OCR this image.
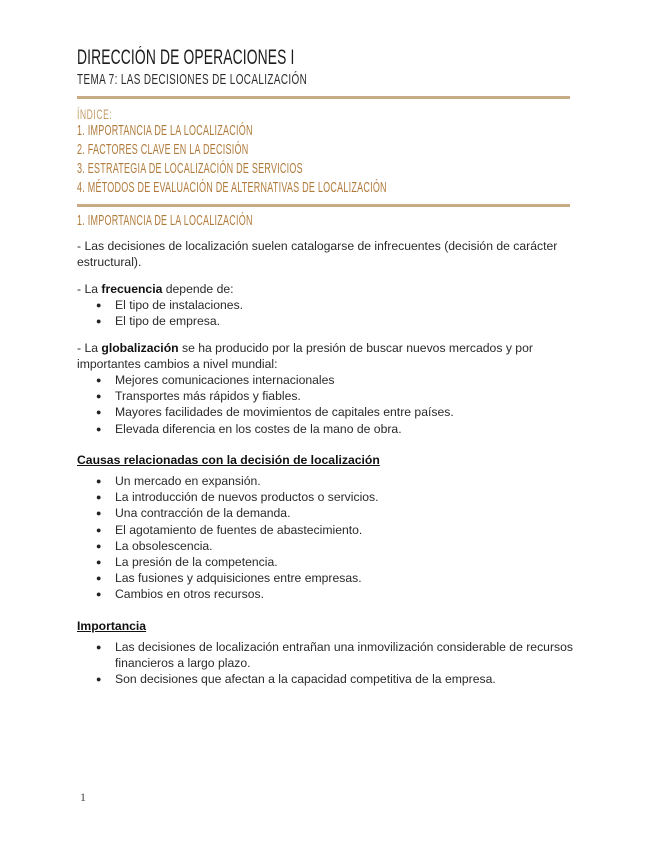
DIRECCIÓN DE OPERACIONES I
TEMA 7: LAS DECISIONES DE LOCALIZACIÓN
ÍNDICE:
1. IMPORTANCIA DE LA LOCALIZACIÓN
2. FACTORES CLAVE EN LA DECISIÓN
3. ESTRATEGIA DE LOCALIZACIÓN DE SERVICIOS
4. MÉTODOS DE EVALUACIÓN DE ALTERNATIVAS DE LOCALIZACIÓN
1. IMPORTANCIA DE LA LOCALIZACIÓN
- Las decisiones de localización suelen catalogarse de infrecuentes (decisión de carácter estructural).
- La frecuencia depende de:
● El tipo de instalaciones.
● El tipo de empresa.
- La globalización se ha producido por la presión de buscar nuevos mercados y por importantes cambios a nivel mundial:
● Mejores comunicaciones internacionales
● Transportes más rápidos y fiables.
● Mayores facilidades de movimientos de capitales entre países.
● Elevada diferencia en los costes de la mano de obra.
Causas relacionadas con la decisión de localización
● Un mercado en expansión.
● La introducción de nuevos productos o servicios.
● Una contracción de la demanda.
● El agotamiento de fuentes de abastecimiento.
● La obsolescencia.
● La presión de la competencia.
● Las fusiones y adquisiciones entre empresas.
● Cambios en otros recursos.
Importancia
● Las decisiones de localización entrañan una inmovilización considerable de recursos financieros a largo plazo.
● Son decisiones que afectan a la capacidad competitiva de la empresa.
1
